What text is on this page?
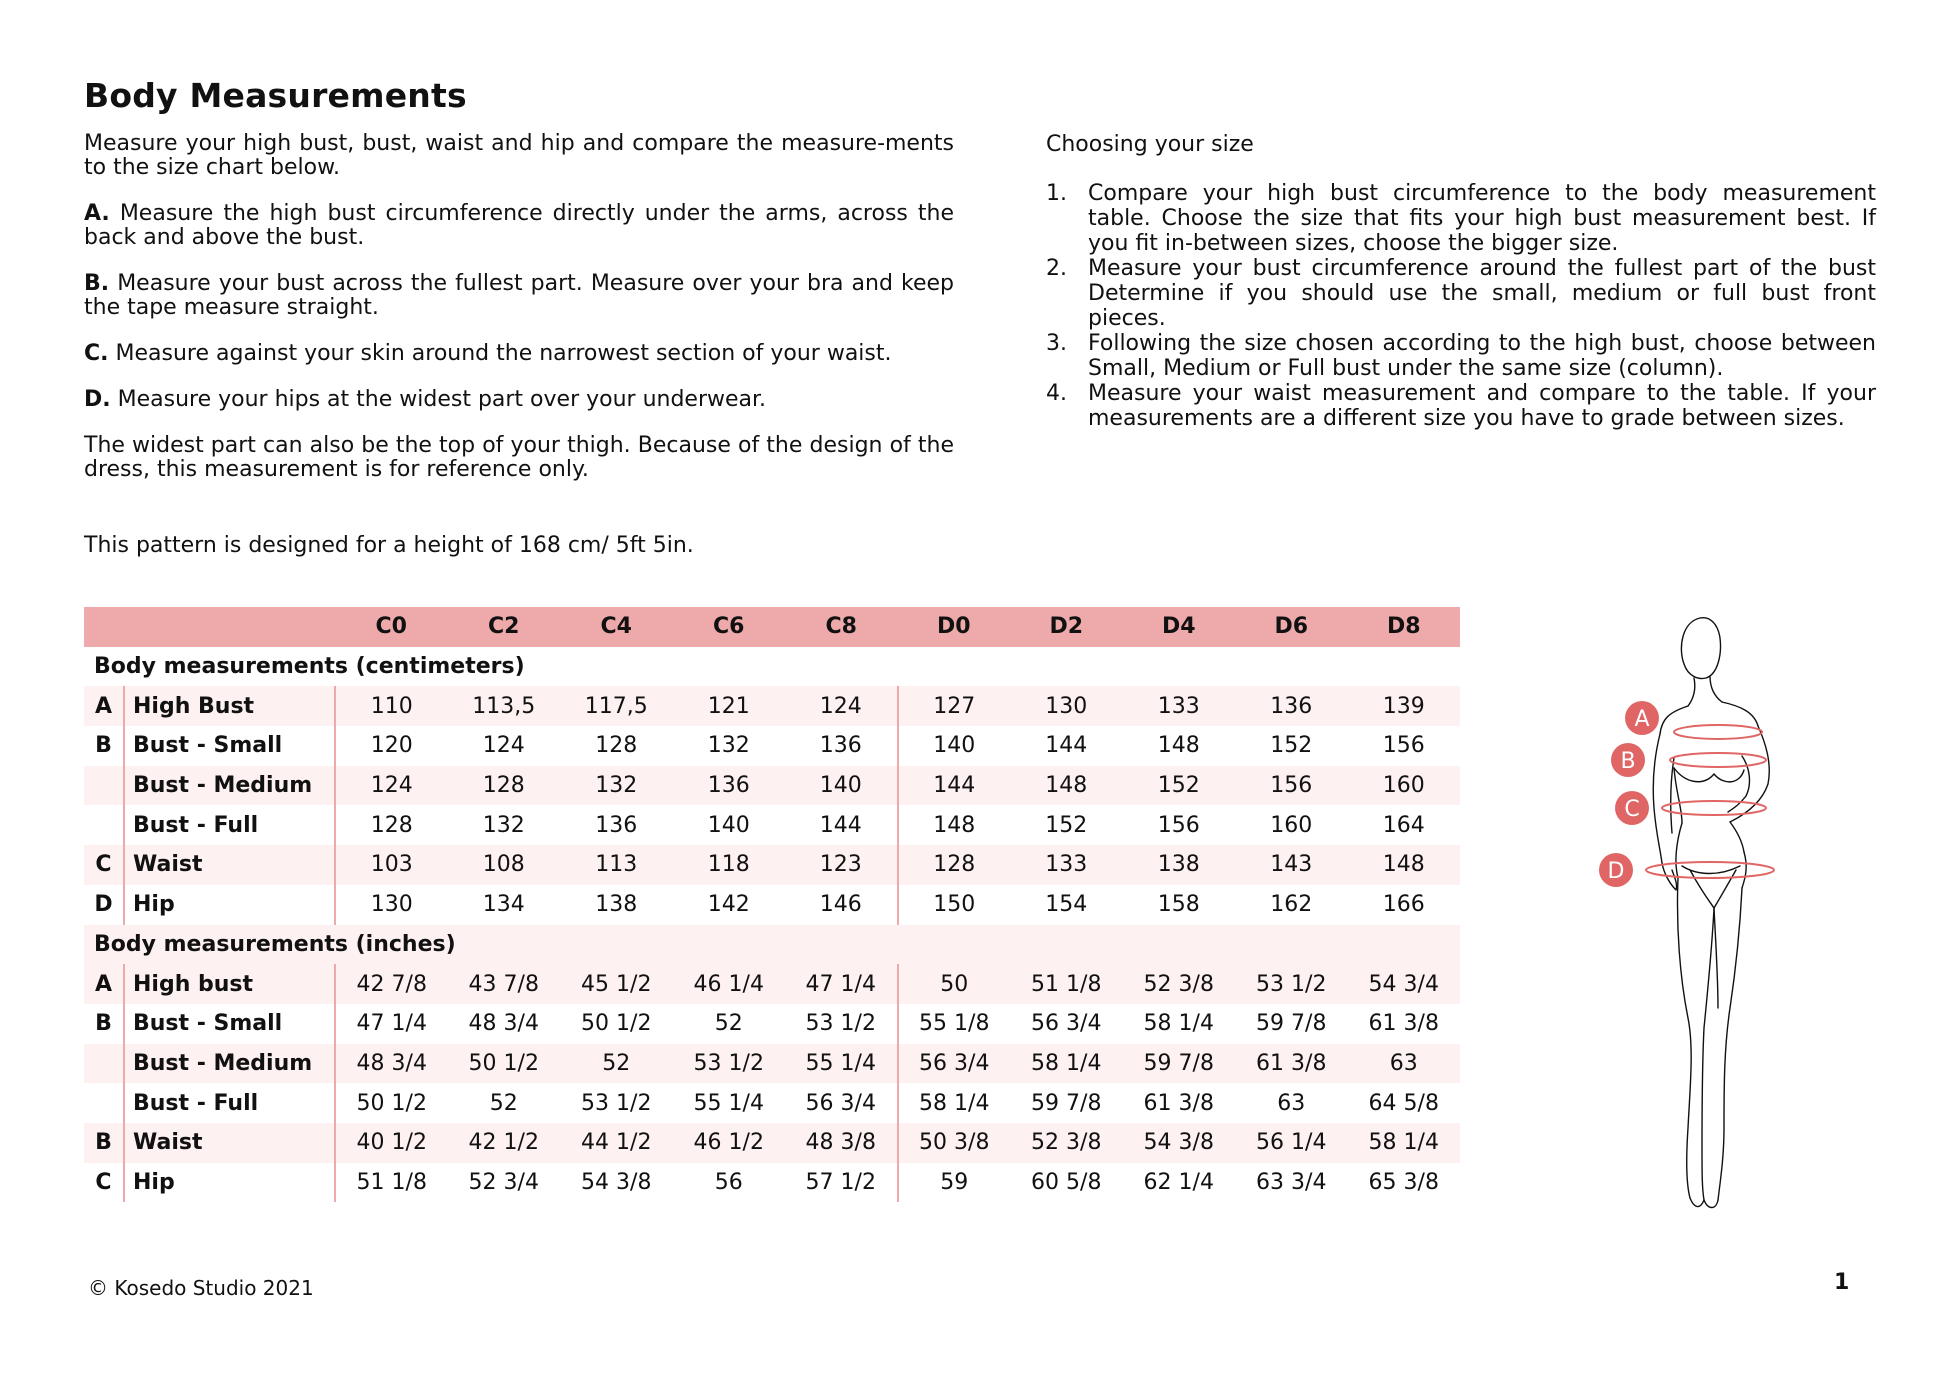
Body Measurements

Measure your high bust, bust, waist and hip and compare the measure-ments to the size chart below.

A. Measure the high bust circumference directly under the arms, across the back and above the bust.

B. Measure your bust across the fullest part. Measure over your bra and keep the tape measure straight.

C. Measure against your skin around the narrowest section of your waist.

D. Measure your hips at the widest part over your underwear.

The widest part can also be the top of your thigh. Because of the design of the dress, this measurement is for reference only.

This pattern is designed for a height of 168 cm/ 5ft 5in.

Choosing your size

1. Compare your high bust circumference to the body measurement table. Choose the size that fits your high bust measurement best. If you fit in-between sizes, choose the bigger size.
2. Measure your bust circumference around the fullest part of the bust Determine if you should use the small, medium or full bust front pieces.
3. Following the size chosen according to the high bust, choose between Small, Medium or Full bust under the same size (column).
4. Measure your waist measurement and compare to the table. If your measurements are a different size you have to grade between sizes.
		C0	C2	C4	C6	C8	D0	D2	D4	D6	D8
Body measurements (centimeters)											
A	High Bust	110	113,5	117,5	121	124	127	130	133	136	139
B	Bust - Small	120	124	128	132	136	140	144	148	152	156
	Bust - Medium	124	128	132	136	140	144	148	152	156	160
	Bust - Full	128	132	136	140	144	148	152	156	160	164
C	Waist	103	108	113	118	123	128	133	138	143	148
D	Hip	130	134	138	142	146	150	154	158	162	166
Body measurements (inches)											
A	High bust	42 7/8	43 7/8	45 1/2	46 1/4	47 1/4	50	51 1/8	52 3/8	53 1/2	54 3/4
B	Bust - Small	47 1/4	48 3/4	50 1/2	52	53 1/2	55 1/8	56 3/4	58 1/4	59 7/8	61 3/8
	Bust - Medium	48 3/4	50 1/2	52	53 1/2	55 1/4	56 3/4	58 1/4	59 7/8	61 3/8	63
	Bust - Full	50 1/2	52	53 1/2	55 1/4	56 3/4	58 1/4	59 7/8	61 3/8	63	64 5/8
B	Waist	40 1/2	42 1/2	44 1/2	46 1/2	48 3/8	50 3/8	52 3/8	54 3/8	56 1/4	58 1/4
C	Hip	51 1/8	52 3/4	54 3/8	56	57 1/2	59	60 5/8	62 1/4	63 3/4	65 3/8
A
B
C
D
© Kosedo Studio 2021	1
